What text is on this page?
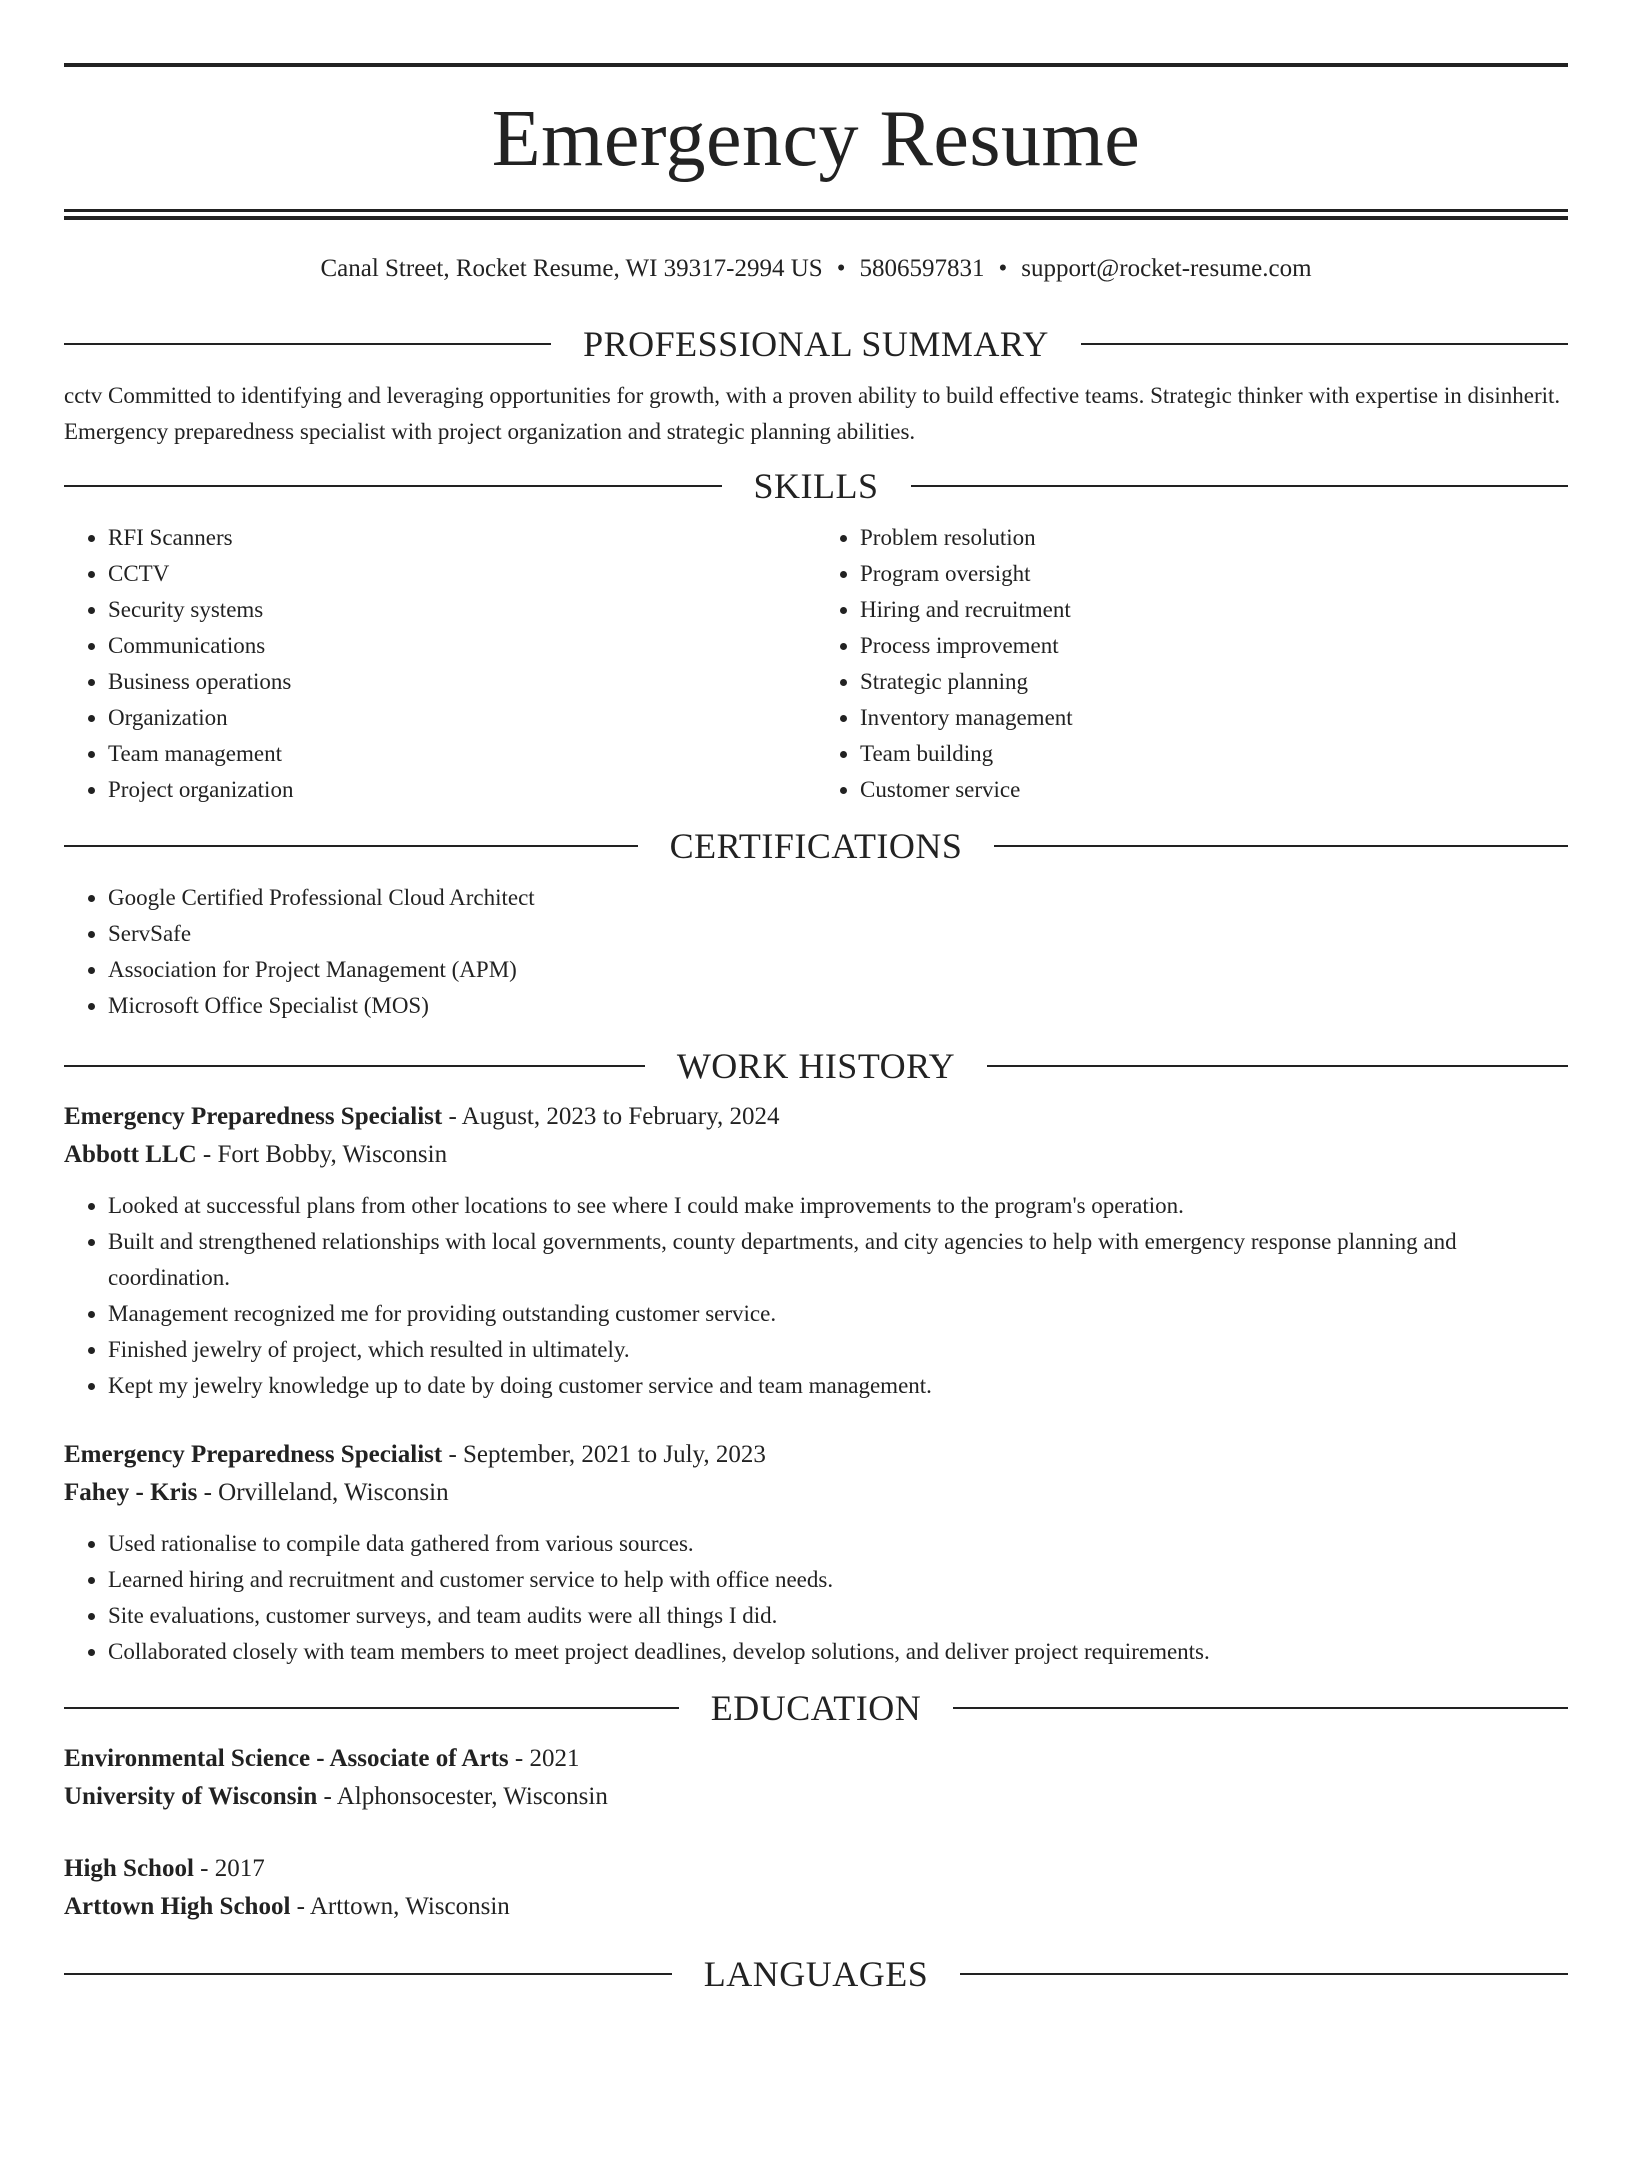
Emergency Resume
Canal Street, Rocket Resume, WI 39317-2994 US • 5806597831 • support@rocket-resume.com
PROFESSIONAL SUMMARY

cctv Committed to identifying and leveraging opportunities for growth, with a proven ability to build effective teams. Strategic thinker with expertise in disinherit. Emergency preparedness specialist with project organization and strategic planning abilities.

SKILLS
• RFI Scanners
• CCTV
• Security systems
• Communications
• Business operations
• Organization
• Team management
• Project organization
• Problem resolution
• Program oversight
• Hiring and recruitment
• Process improvement
• Strategic planning
• Inventory management
• Team building
• Customer service
CERTIFICATIONS
• Google Certified Professional Cloud Architect
• ServSafe
• Association for Project Management (APM)
• Microsoft Office Specialist (MOS)
WORK HISTORY
Emergency Preparedness Specialist - August, 2023 to February, 2024
Abbott LLC - Fort Bobby, Wisconsin
• Looked at successful plans from other locations to see where I could make improvements to the program's operation.
• Built and strengthened relationships with local governments, county departments, and city agencies to help with emergency response planning and coordination.
• Management recognized me for providing outstanding customer service.
• Finished jewelry of project, which resulted in ultimately.
• Kept my jewelry knowledge up to date by doing customer service and team management.
Emergency Preparedness Specialist - September, 2021 to July, 2023
Fahey - Kris - Orvilleland, Wisconsin
• Used rationalise to compile data gathered from various sources.
• Learned hiring and recruitment and customer service to help with office needs.
• Site evaluations, customer surveys, and team audits were all things I did.
• Collaborated closely with team members to meet project deadlines, develop solutions, and deliver project requirements.
EDUCATION
Environmental Science - Associate of Arts - 2021
University of Wisconsin - Alphonsocester, Wisconsin
High School - 2017
Arttown High School - Arttown, Wisconsin
LANGUAGES
